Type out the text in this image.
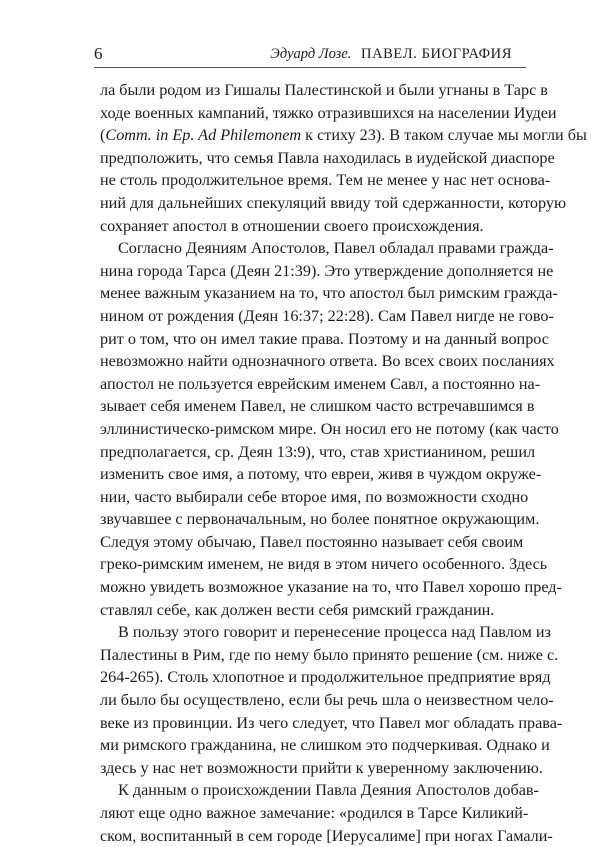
6	Эдуард Лозе. ПАВЕЛ. БИОГРАФИЯ
ла были родом из Гишалы Палестинской и были угнаны в Тарс в
ходе военных кампаний, тяжко отразившихся на населении Иудеи
(Comm. in Ep. Ad Philemonem к стиху 23). В таком случае мы могли бы
предположить, что семья Павла находилась в иудейской диаспоре
не столь продолжительное время. Тем не менее у нас нет основа-
ний для дальнейших спекуляций ввиду той сдержанности, которую
сохраняет апостол в отношении своего происхождения.
Согласно Деяниям Апостолов, Павел обладал правами гражда-
нина города Тарса (Деян 21:39). Это утверждение дополняется не
менее важным указанием на то, что апостол был римским гражда-
нином от рождения (Деян 16:37; 22:28). Сам Павел нигде не гово-
рит о том, что он имел такие права. Поэтому и на данный вопрос
невозможно найти однозначного ответа. Во всех своих посланиях
апостол не пользуется еврейским именем Савл, а постоянно на-
зывает себя именем Павел, не слишком часто встречавшимся в
эллинистическо-римском мире. Он носил его не потому (как часто
предполагается, ср. Деян 13:9), что, став христианином, решил
изменить свое имя, а потому, что евреи, живя в чуждом окруже-
нии, часто выбирали себе второе имя, по возможности сходно
звучавшее с первоначальным, но более понятное окружающим.
Следуя этому обычаю, Павел постоянно называет себя своим
греко-римским именем, не видя в этом ничего особенного. Здесь
можно увидеть возможное указание на то, что Павел хорошо пред-
ставлял себе, как должен вести себя римский гражданин.
В пользу этого говорит и перенесение процесса над Павлом из
Палестины в Рим, где по нему было принято решение (см. ниже с.
264-265). Столь хлопотное и продолжительное предприятие вряд
ли было бы осуществлено, если бы речь шла о неизвестном чело-
веке из провинции. Из чего следует, что Павел мог обладать права-
ми римского гражданина, не слишком это подчеркивая. Однако и
здесь у нас нет возможности прийти к уверенному заключению.
К данным о происхождении Павла Деяния Апостолов добав-
ляют еще одно важное замечание: «родился в Тарсе Киликий-
ском, воспитанный в сем городе [Иерусалиме] при ногах Гамали-
